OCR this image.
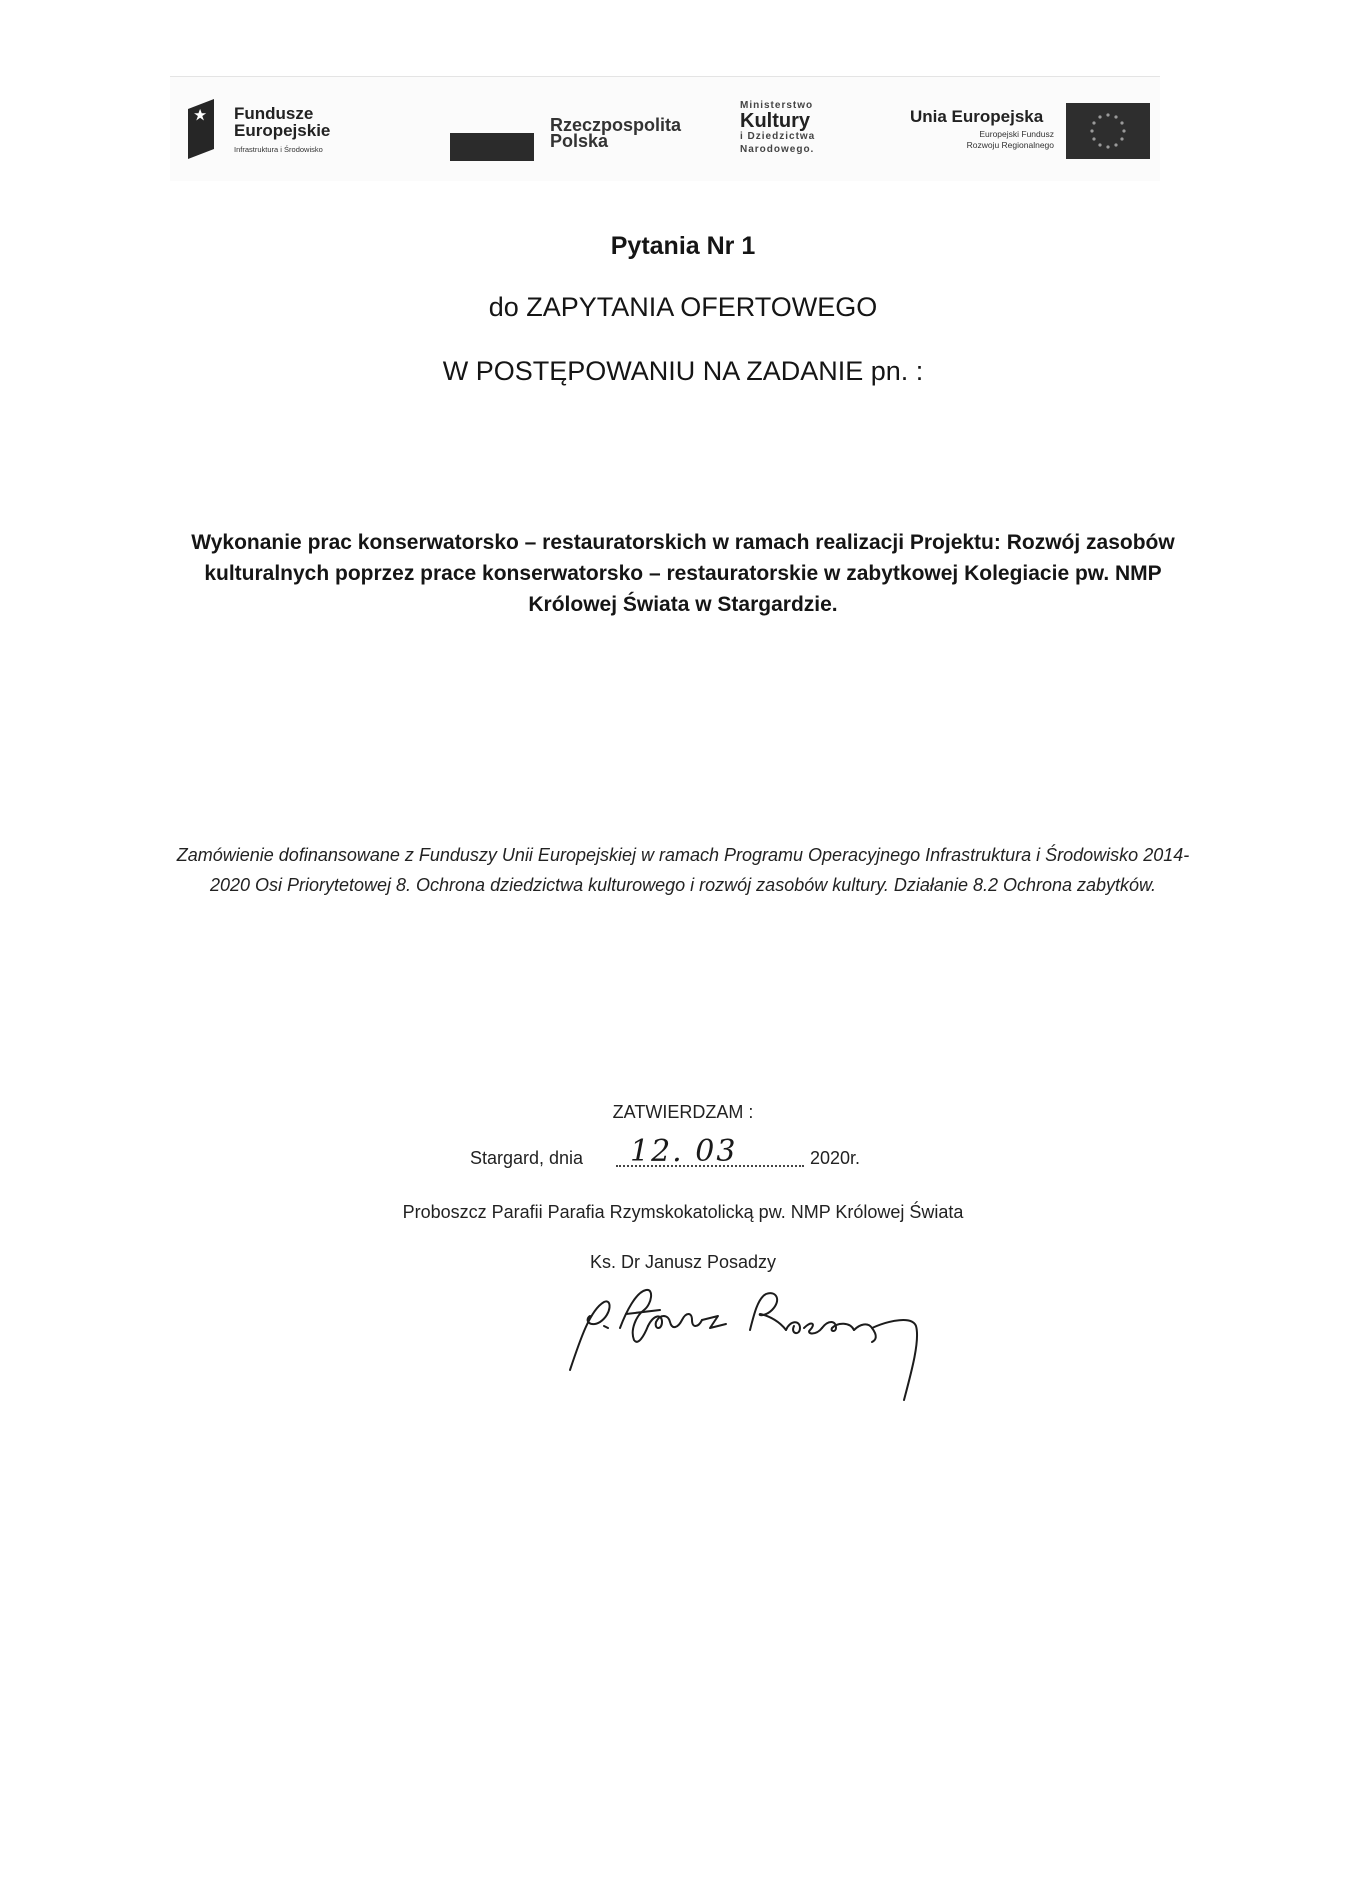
Fundusze
Europejskie
Infrastruktura i Środowisko
Rzeczpospolita
Polska
Ministerstwo
Kultury
i Dziedzictwa
Narodowego.
Unia Europejska
Europejski Fundusz
Rozwoju Regionalnego
Pytania Nr 1
do ZAPYTANIA OFERTOWEGO
W POSTĘPOWANIU NA ZADANIE pn. :
Wykonanie prac konserwatorsko – restauratorskich w ramach realizacji Projektu: Rozwój zasobów kulturalnych poprzez prace konserwatorsko – restauratorskie w zabytkowej Kolegiacie pw. NMP Królowej Świata w Stargardzie.
Zamówienie dofinansowane z Funduszy Unii Europejskiej w ramach Programu Operacyjnego Infrastruktura i Środowisko 2014-2020 Osi Priorytetowej 8. Ochrona dziedzictwa kulturowego i rozwój zasobów kultury. Działanie 8.2 Ochrona zabytków.
ZATWIERDZAM :
Stargard, dnia 12. 03	2020r.
Proboszcz Parafii Parafia Rzymskokatolicką pw. NMP Królowej Świata
Ks. Dr Janusz Posadzy
